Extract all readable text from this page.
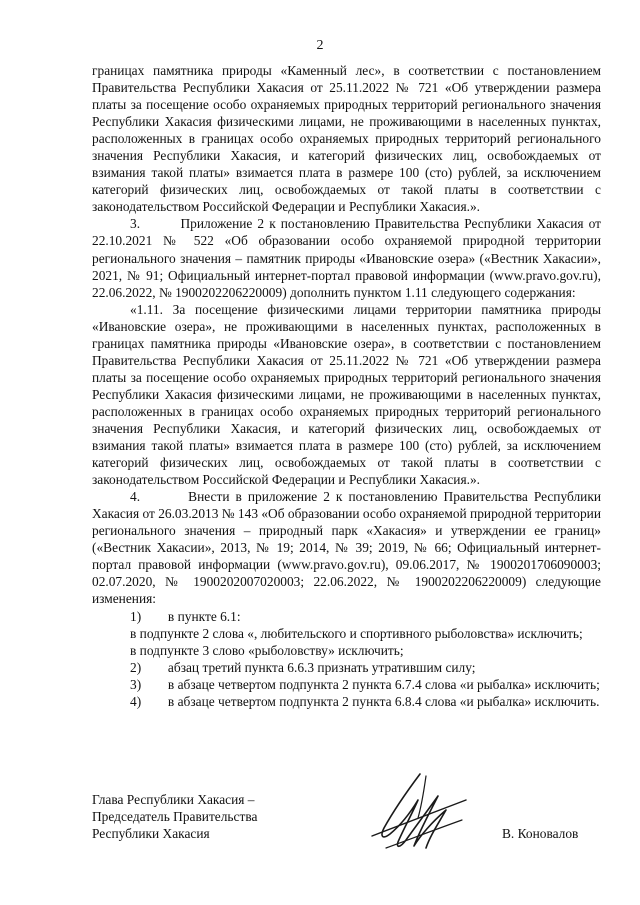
2

границах памятника природы «Каменный лес», в соответствии с постановлением Правительства Республики Хакасия от 25.11.2022 № 721 «Об утверждении размера платы за посещение особо охраняемых природных территорий регионального значения Республики Хакасия физическими лицами, не проживающими в населенных пунктах, расположенных в границах особо охраняемых природных территорий регионального значения Республики Хакасия, и категорий физических лиц, освобождаемых от взимания такой платы» взимается плата в размере 100 (сто) рублей, за исключением категорий физических лиц, освобождаемых от такой платы в соответствии с законодательством Российской Федерации и Республики Хакасия.».

3.        Приложение 2 к постановлению Правительства Республики Хакасия от 22.10.2021 № 522 «Об образовании особо охраняемой природной территории регионального значения – памятник природы «Ивановские озера» («Вестник Хакасии», 2021, № 91; Официальный интернет-портал правовой информации (www.pravo.gov.ru), 22.06.2022, № 1900202206220009) дополнить пунктом 1.11 следующего содержания:

«1.11. За посещение физическими лицами территории памятника природы «Ивановские озера», не проживающими в населенных пунктах, расположенных в границах памятника природы «Ивановские озера», в соответствии с постановлением Правительства Республики Хакасия от 25.11.2022 № 721 «Об утверждении размера платы за посещение особо охраняемых природных территорий регионального значения Республики Хакасия физическими лицами, не проживающими в населенных пунктах, расположенных в границах особо охраняемых природных территорий регионального значения Республики Хакасия, и категорий физических лиц, освобождаемых от взимания такой платы» взимается плата в размере 100 (сто) рублей, за исключением категорий физических лиц, освобождаемых от такой платы в соответствии с законодательством Российской Федерации и Республики Хакасия.».

4.        Внести в приложение 2 к постановлению Правительства Республики Хакасия от 26.03.2013 № 143 «Об образовании особо охраняемой природной территории регионального значения – природный парк «Хакасия» и утверждении ее границ» («Вестник Хакасии», 2013, № 19; 2014, № 39; 2019, № 66; Официальный интернет-портал правовой информации (www.pravo.gov.ru), 09.06.2017, № 1900201706090003; 02.07.2020, № 1900202007020003; 22.06.2022, № 1900202206220009) следующие изменения:

1)        в пункте 6.1:

в подпункте 2 слова «, любительского и спортивного рыболовства» исключить;

в подпункте 3 слово «рыболовству» исключить;

2)        абзац третий пункта 6.6.3 признать утратившим силу;

3)        в абзаце четвертом подпункта 2 пункта 6.7.4 слова «и рыбалка» исключить;

4)        в абзаце четвертом подпункта 2 пункта 6.8.4 слова «и рыбалка» исключить.

Глава Республики Хакасия –
Председатель Правительства
Республики Хакасия	В. Коновалов
